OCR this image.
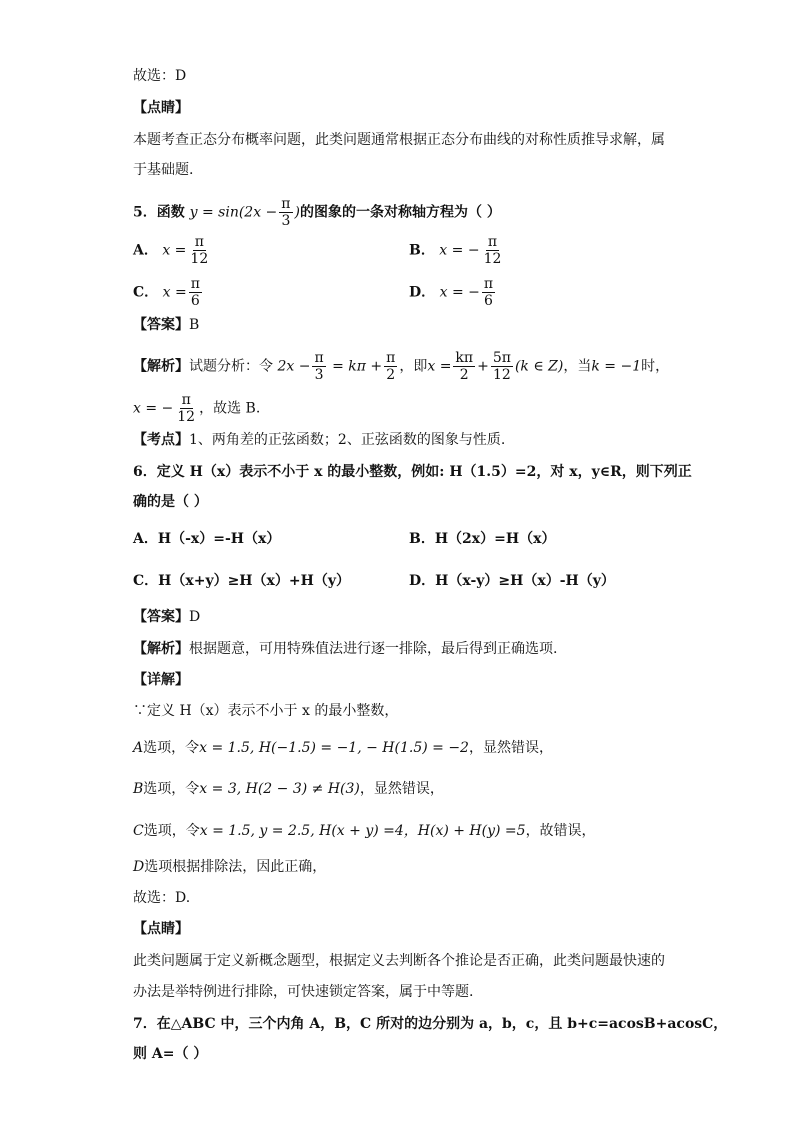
故选：D
【点睛】
本题考查正态分布概率问题，此类问题通常根据正态分布曲线的对称性质推导求解，属
于基础题.
5．函数 $y = \sin(2x - \frac{\pi}{3}$ )的图象的一条对称轴方程为（ ）
A． $x = \frac{\pi}{12}$	B． x = − $\frac{\pi}{12}$
C． $x = \frac{\pi}{6}$	D． x = − $\frac{\pi}{6}$
【答案】B
【解析】试题分析：令 $2x - \frac{\pi}{3} = k\pi + \frac{\pi}{2}$ ，即$x = \frac{k\pi}{2} + \frac{5\pi}{12} (k$ ∈ Z)，当k = −1时，
x = − $\frac{\pi}{12}$ ，故选 B.
【考点】1、两角差的正弦函数；2、正弦函数的图象与性质.
6．定义 H（x）表示不小于 x 的最小整数，例如: H（1.5）=2，对 x，y∈R，则下列正
确的是（ ）
A．H（-x）=-H（x）	B．H（2x）=H（x）
C．H（x+y）≥H（x）+H（y）	D．H（x-y）≥H（x）-H（y）
【答案】D
【解析】根据题意，可用特殊值法进行逐一排除，最后得到正确选项.
【详解】
∵定义 H（x）表示不小于 x 的最小整数，
A选项，令x = 1.5, H(−1.5) = −1, − H(1.5) = −2，显然错误，
B选项，令x = 3, H(2 − 3) ≠ H(3)，显然错误，
C选项，令x = 1.5, y = 2.5, H(x + y) =4，H(x) + H(y) =5，故错误，
D选项根据排除法，因此正确，
故选：D.
【点睛】
此类问题属于定义新概念题型，根据定义去判断各个推论是否正确，此类问题最快速的
办法是举特例进行排除，可快速锁定答案，属于中等题.
7．在△ABC 中，三个内角 A，B，C 所对的边分别为 a，b，c，且 b+c=acosB+acosC，
则 A=（ ）
